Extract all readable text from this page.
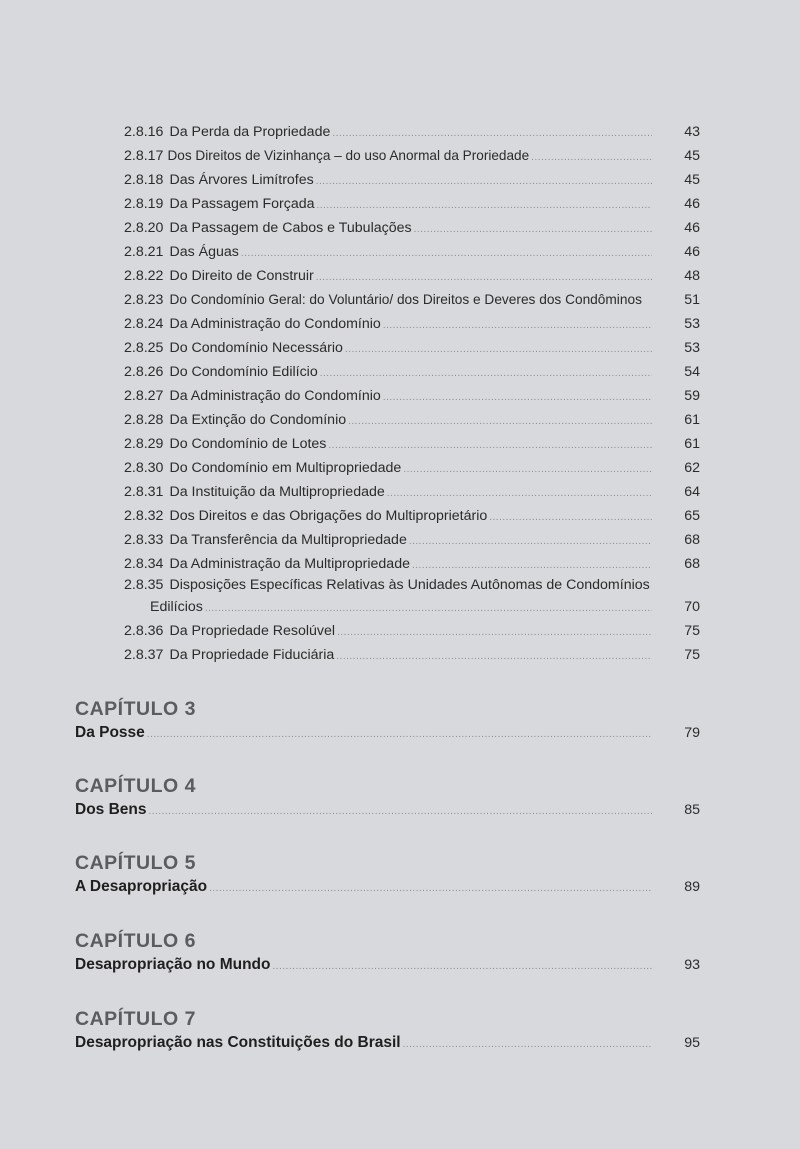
2.8.16 Da Perda da Propriedade .....	43
2.8.17 Dos Direitos de Vizinhança – do uso Anormal da Proriedade .....	45
2.8.18 Das Árvores Limítrofes .....	45
2.8.19 Da Passagem Forçada .....	46
2.8.20 Da Passagem de Cabos e Tubulações .....	46
2.8.21 Das Águas .....	46
2.8.22 Do Direito de Construir .....	48
2.8.23 Do Condomínio Geral: do Voluntário/ dos Direitos e Deveres dos Condôminos	51
2.8.24 Da Administração do Condomínio .....	53
2.8.25 Do Condomínio Necessário .....	53
2.8.26 Do Condomínio Edilício .....	54
2.8.27 Da Administração do Condomínio .....	59
2.8.28 Da Extinção do Condomínio .....	61
2.8.29 Do Condomínio de Lotes .....	61
2.8.30 Do Condomínio em Multipropriedade .....	62
2.8.31 Da Instituição da Multipropriedade .....	64
2.8.32 Dos Direitos e das Obrigações do Multiproprietário .....	65
2.8.33 Da Transferência da Multipropriedade .....	68
2.8.34 Da Administração da Multipropriedade .....	68
2.8.35 Disposições Específicas Relativas às Unidades Autônomas de Condomínios
Edilícios .....	70
2.8.36 Da Propriedade Resolúvel .....	75
2.8.37 Da Propriedade Fiduciária .....	75
CAPÍTULO 3
Da Posse .....	79
CAPÍTULO 4
Dos Bens .....	85
CAPÍTULO 5
A Desapropriação .....	89
CAPÍTULO 6
Desapropriação no Mundo .....	93
CAPÍTULO 7
Desapropriação nas Constituições do Brasil .....	95
